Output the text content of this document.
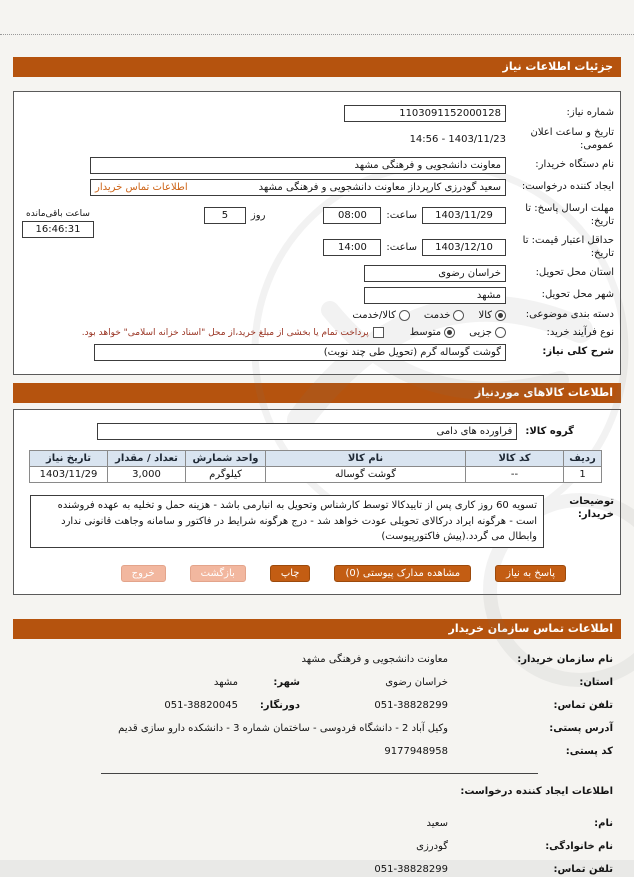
جزئیات اطلاعات نیاز
شماره نیاز:
1103091152000128
تاریخ و ساعت اعلان عمومی:
1403/11/23 - 14:56
نام دستگاه خریدار:
معاونت دانشجویی و فرهنگی مشهد
ایجاد کننده درخواست:
سعید گودرزی کارپرداز معاونت دانشجویی و فرهنگی مشهد
اطلاعات تماس خریدار
مهلت ارسال پاسخ: تا تاریخ:
1403/11/29
ساعت:
08:00
روز
5
ساعت باقی‌مانده
16:46:31
حداقل اعتبار قیمت: تا تاریخ:
1403/12/10
ساعت:
14:00
استان محل تحویل:
خراسان رضوی
شهر محل تحویل:
مشهد
دسته بندی موضوعی:
کالا
خدمت
کالا/خدمت
نوع فرآیند خرید:
جزیی
متوسط
پرداخت تمام یا بخشی از مبلغ خرید،از محل "اسناد خزانه اسلامی" خواهد بود.
شرح کلی نیاز:
گوشت گوساله گرم (تحویل طی چند نوبت)
اطلاعات کالاهای موردنیاز
گروه کالا:
فراورده های دامی
ردیف	کد کالا	نام کالا	واحد شمارش	تعداد / مقدار	تاریخ نیاز
1	--	گوشت گوساله	کیلوگرم	3,000	1403/11/29
توضیحات خریدار:
تسویه 60 روز کاری پس از تاییدکالا توسط کارشناس وتحویل به انبارمی باشد - هزینه حمل و تخلیه به عهده فروشنده است - هرگونه ایراد درکالای تحویلی عودت خواهد شد - درج هرگونه شرایط در فاکتور و سامانه وجاهت قانونی ندارد وابطال می گردد.(پیش فاکتورپیوست)
پاسخ به نیاز
مشاهده مدارک پیوستی (0)
چاپ
بازگشت
خروج
اطلاعات تماس سازمان خریدار
نام سازمان خریدار:
معاونت دانشجویی و فرهنگی مشهد
استان:
خراسان رضوی
شهر:
مشهد
تلفن تماس:
051-38828299
دورنگار:
051-38820045
آدرس پستی:
وکیل آباد 2 - دانشگاه فردوسی - ساختمان شماره 3 - دانشکده دارو سازی قدیم
کد پستی:
9177948958
اطلاعات ایجاد کننده درخواست:
نام:
سعید
نام خانوادگی:
گودرزی
تلفن تماس:
051-38828299
